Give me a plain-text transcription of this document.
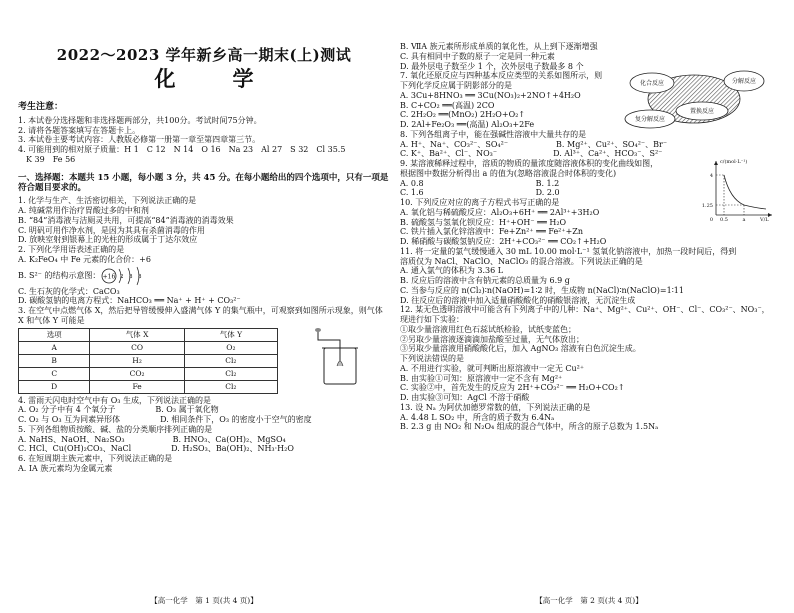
2022～2023 学年新乡高一期末(上)测试
化　学
考生注意：
1. 本试卷分选择题和非选择题两部分，共100分。考试时间75分钟。
2. 请将各题答案填写在答题卡上。
3. 本试卷主要考试内容：人教版必修第一册第一章至第四章第三节。
4. 可能用到的相对原子质量：H 1　C 12　N 14　O 16　Na 23　Al 27　S 32　Cl 35.5
　K 39　Fe 56
一、选择题：本题共 15 小题，每小题 3 分，共 45 分。在每小题给出的四个选项中，只有一项是符合题目要求的。
1. 化学与生产、生活密切相关，下列说法正确的是
A. 纯碱常用作治疗胃酸过多的中和剂
B. “84”消毒液与洁厕灵共用，可提高“84”消毒液的消毒效果
C. 明矾可用作净水剂，是因为其具有杀菌消毒的作用
D. 放映室射到银幕上的光柱的形成属于丁达尔效应
2. 下列化学用语表述正确的是
A. K₂FeO₄ 中 Fe 元素的化合价：+6
B. S²⁻ 的结构示意图： +16 2 8 8
C. 生石灰的化学式：CaCO₃
D. 碳酸氢钠的电离方程式：NaHCO₃ ══ Na⁺ + H⁺ + CO₃²⁻
3. 在空气中点燃气体 X，然后把导管缓慢伸入盛满气体 Y 的集气瓶中，可观察到如图所示现象，则气体 X 和气体 Y 可能是
选项	气体 X	气体 Y
A	CO	O₂
B	H₂	Cl₂
C	CO₂	Cl₂
D	Fe	Cl₂
4. 雷雨天闪电时空气中有 O₃ 生成，下列说法正确的是
A. O₂ 分子中有 4 个氧分子　　　　　B. O₃ 属于氧化物
C. O₂ 与 O₃ 互为同素异形体　　　　　D. 相同条件下，O₃ 的密度小于空气的密度
5. 下列各组物质按酸、碱、盐的分类顺序排列正确的是
A. NaHS、NaOH、Na₂SO₃　　　　　　B. HNO₃、Ca(OH)₂、MgSO₄
C. HCl、Cu(OH)₂CO₃、NaCl　　　　　D. H₂SO₃、Ba(OH)₂、NH₃·H₂O
6. 在短周期主族元素中，下列说法正确的是
A. ⅠA 族元素均为金属元素
【高一化学　第 1 页(共 4 页)】
B. ⅦA 族元素所形成单质的氧化性，从上到下逐渐增强
C. 具有相同中子数的原子一定是同一种元素
D. 最外层电子数至少 1 个，次外层电子数最多 8 个
化合反应	分解反应
复分解反应
置换反应
7. 氧化还原反应与四种基本反应类型的关系如图所示，则
下列化学反应属于阴影部分的是
A. 3Cu+8HNO₃ ══ 3Cu(NO₃)₂+2NO↑+4H₂O
B. C+CO₂ ══(高温) 2CO
C. 2H₂O₂ ══(MnO₂) 2H₂O+O₂↑
D. 2Al+Fe₂O₃ ══(高温) Al₂O₃+2Fe
8. 下列各组离子中，能在强碱性溶液中大量共存的是
A. H⁺、Na⁺、CO₃²⁻、SO₄²⁻　　　　　　B. Mg²⁺、Cu²⁺、SO₄²⁻、Br⁻
C. K⁺、Ba²⁺、Cl⁻、NO₃⁻　　　　　　　D. Al³⁺、Ca²⁺、HCO₃⁻、S²⁻
c/(mol·L⁻¹)
4
1.25
0 0.5	a	V/L
9. 某溶液稀释过程中，溶质的物质的量浓度随溶液体积的变化曲线如图，
根据图中数据分析得出 a 的值为(忽略溶液混合时体积的变化)
A. 0.8　　　　　　　　　　　　　　B. 1.2
C. 1.6　　　　　　　　　　　　　　D. 2.0
10. 下列反应对应的离子方程式书写正确的是
A. 氧化铝与稀硫酸反应：Al₂O₃+6H⁺ ══ 2Al³⁺+3H₂O
B. 硫酸氢与氢氧化钡反应：H⁺+OH⁻ ══ H₂O
C. 铁片插入氯化锌溶液中：Fe+Zn²⁺ ══ Fe²⁺+Zn
D. 稀硝酸与碳酸氢钠反应：2H⁺+CO₃²⁻ ══ CO₂↑+H₂O
11. 将一定量的氯气缓慢通入 30 mL 10.00 mol·L⁻¹ 氢氧化钠溶液中，加热一段时间后，得到
溶质仅为 NaCl、NaClO、NaClO₃ 的混合溶液。下列说法正确的是
A. 通入氯气的体积为 3.36 L
B. 反应后的溶液中含有钠元素的总质量为 6.9 g
C. 当参与反应的 n(Cl₂)∶n(NaOH)=1∶2 时，生成物 n(NaCl)∶n(NaClO)=1∶11
D. 往反应后的溶液中加入适量硝酸酸化的硝酸银溶液，无沉淀生成
12. 某无色透明溶液中可能含有下列离子中的几种：Na⁺、Mg²⁺、Cu²⁺、OH⁻、Cl⁻、CO₃²⁻、NO₃⁻，
现进行如下实验：
①取少量溶液用红色石蕊试纸检验，试纸变蓝色；
②另取少量溶液逐滴滴加盐酸至过量，无气体放出；
③另取少量溶液用硝酸酸化后，加入 AgNO₃ 溶液有白色沉淀生成。
下列说法错误的是
A. 不用进行实验，就可判断出原溶液中一定无 Cu²⁺
B. 由实验①可知：原溶液中一定不含有 Mg²⁺
C. 实验②中，首先发生的反应为 2H⁺+CO₃²⁻ ══ H₂O+CO₂↑
D. 由实验③可知：AgCl 不溶于硝酸
13. 设 Nₐ 为阿伏加德罗常数的值，下列说法正确的是
A. 4.48 L SO₂ 中，所含的质子数为 6.4Nₐ
B. 2.3 g 由 NO₂ 和 N₂O₄ 组成的混合气体中，所含的原子总数为 1.5Nₐ
【高一化学　第 2 页(共 4 页)】
